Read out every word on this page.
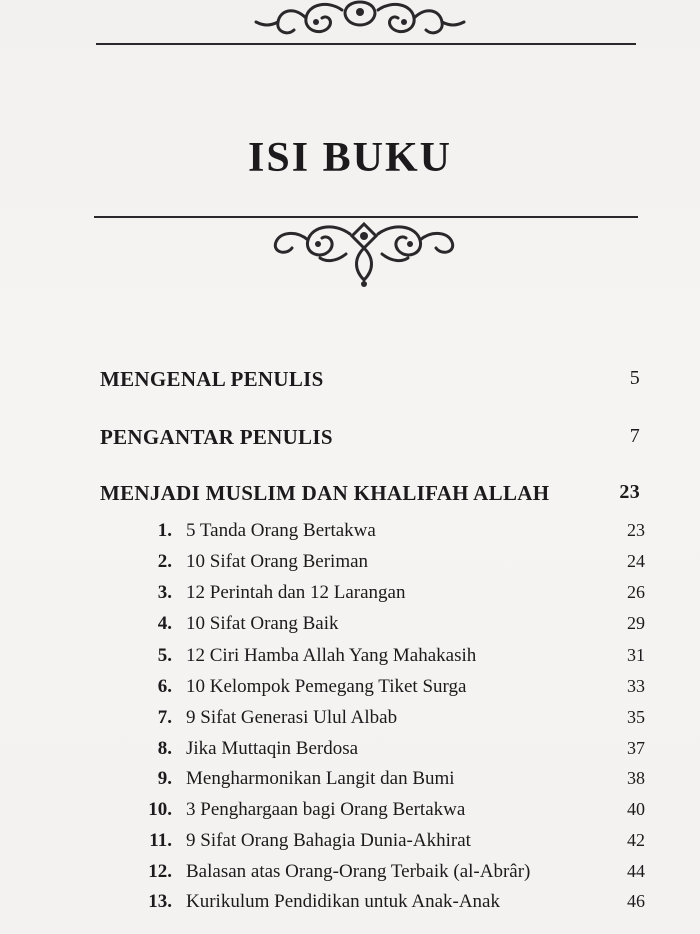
ISI BUKU
MENGENAL PENULIS	5
PENGANTAR PENULIS	7
MENJADI MUSLIM DAN KHALIFAH ALLAH	23
1. 5 Tanda Orang Bertakwa	23
2. 10 Sifat Orang Beriman	24
3. 12 Perintah dan 12 Larangan	26
4. 10 Sifat Orang Baik	29
5. 12 Ciri Hamba Allah Yang Mahakasih	31
6. 10 Kelompok Pemegang Tiket Surga	33
7. 9 Sifat Generasi Ulul Albab	35
8. Jika Muttaqin Berdosa	37
9. Mengharmonikan Langit dan Bumi	38
10. 3 Penghargaan bagi Orang Bertakwa	40
11. 9 Sifat Orang Bahagia Dunia-Akhirat	42
12. Balasan atas Orang-Orang Terbaik (al-Abrâr)	44
13. Kurikulum Pendidikan untuk Anak-Anak	46
